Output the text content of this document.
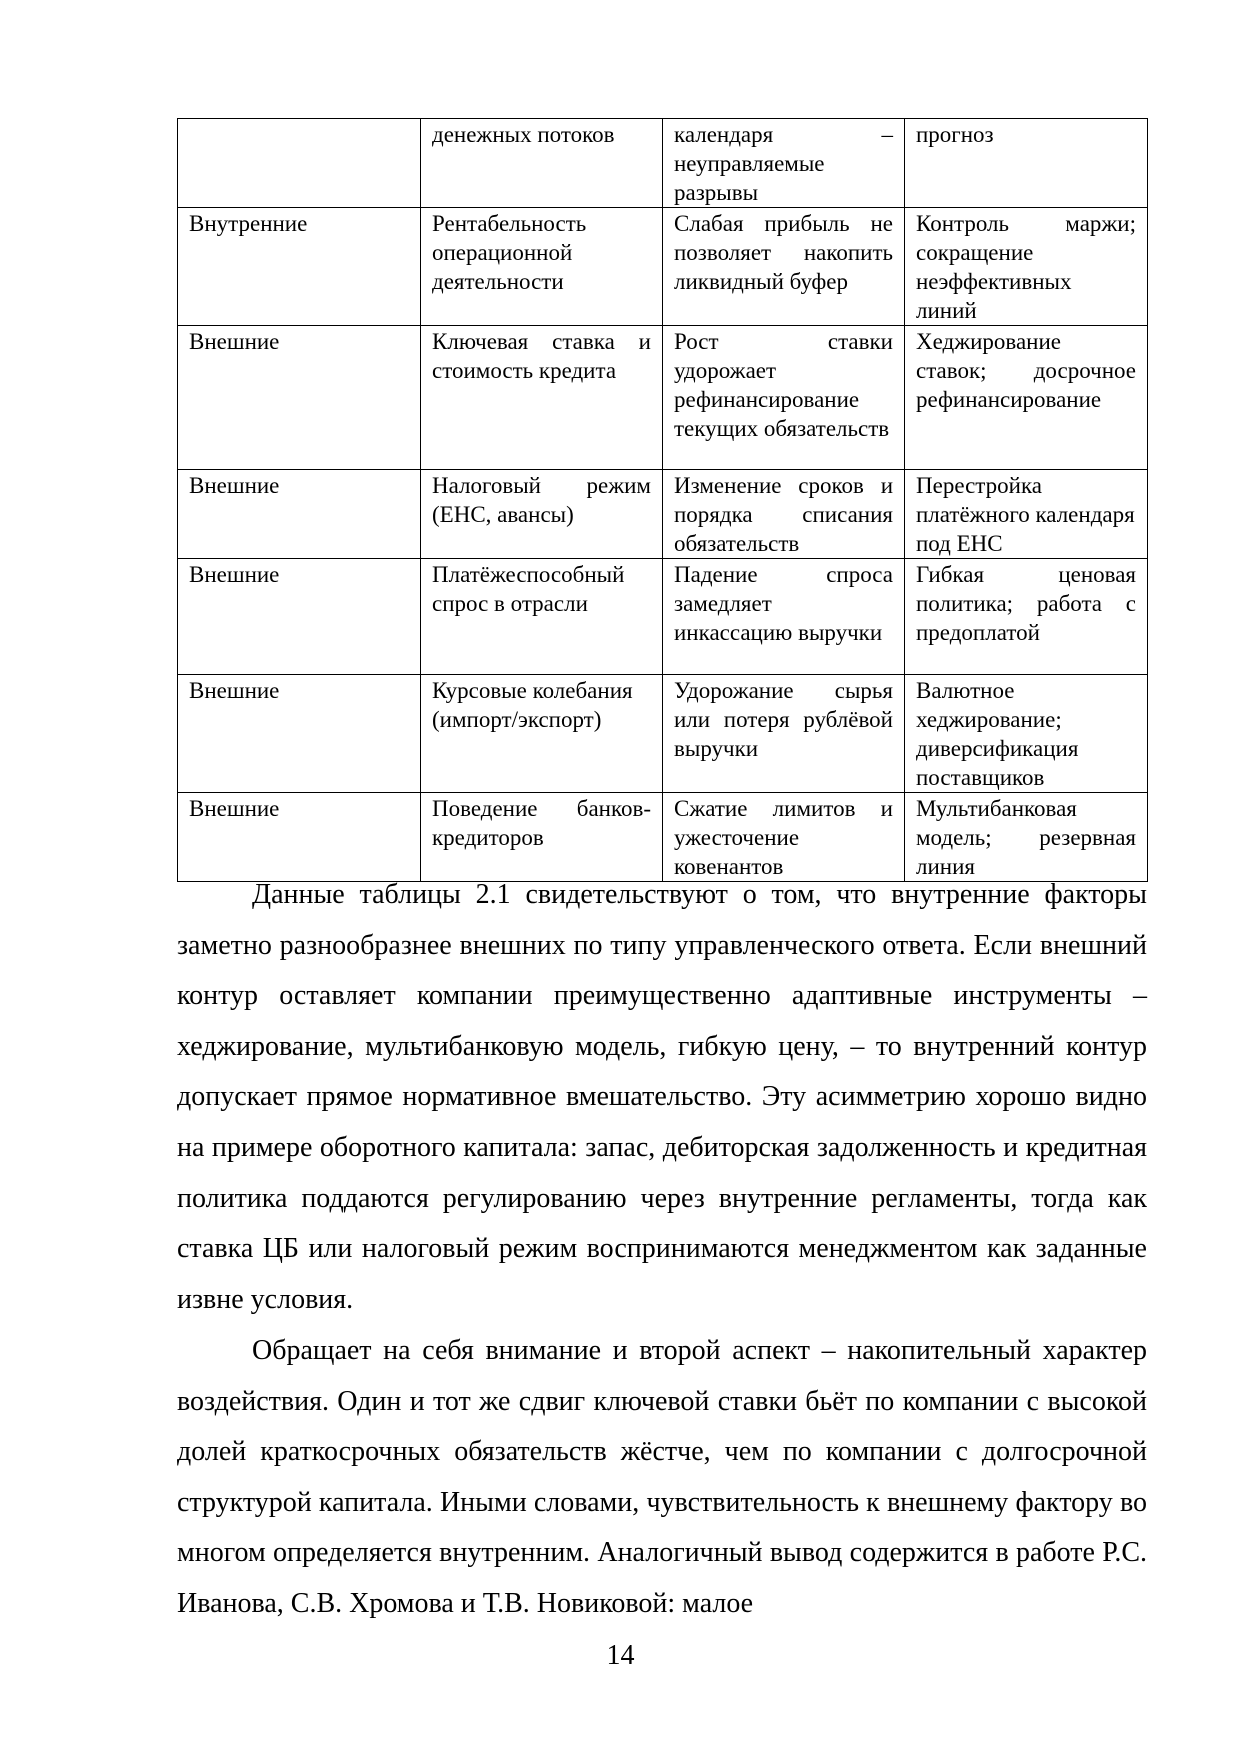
	денежных потоков	календаря – неуправляемые разрывы	прогноз
Внутренние	Рентабельность операционной деятельности	Слабая прибыль не позволяет накопить ликвидный буфер	Контроль маржи; сокращение неэффективных линий
Внешние	Ключевая ставка и стоимость кредита	Рост ставки удорожает рефинансирование текущих обязательств	Хеджирование ставок; досрочное рефинансирование
Внешние	Налоговый режим (ЕНС, авансы)	Изменение сроков и порядка списания обязательств	Перестройка платёжного календаря под ЕНС
Внешние	Платёжеспособный спрос в отрасли	Падение спроса замедляет инкассацию выручки	Гибкая ценовая политика; работа с предоплатой
Внешние	Курсовые колебания (импорт/экспорт)	Удорожание сырья или потеря рублёвой выручки	Валютное хеджирование; диверсификация поставщиков
Внешние	Поведение банков-кредиторов	Сжатие лимитов и ужесточение ковенантов	Мультибанковая модель; резервная линия

Данные таблицы 2.1 свидетельствуют о том, что внутренние факторы заметно разнообразнее внешних по типу управленческого ответа. Если внешний контур оставляет компании преимущественно адаптивные инструменты – хеджирование, мультибанковую модель, гибкую цену, – то внутренний контур допускает прямое нормативное вмешательство. Эту асимметрию хорошо видно на примере оборотного капитала: запас, дебиторская задолженность и кредитная политика поддаются регулированию через внутренние регламенты, тогда как ставка ЦБ или налоговый режим воспринимаются менеджментом как заданные извне условия.

Обращает на себя внимание и второй аспект – накопительный характер воздействия. Один и тот же сдвиг ключевой ставки бьёт по компании с высокой долей краткосрочных обязательств жёстче, чем по компании с долгосрочной структурой капитала. Иными словами, чувствительность к внешнему фактору во многом определяется внутренним. Аналогичный вывод содержится в работе Р.С. Иванова, С.В. Хромова и Т.В. Новиковой: малое

14
